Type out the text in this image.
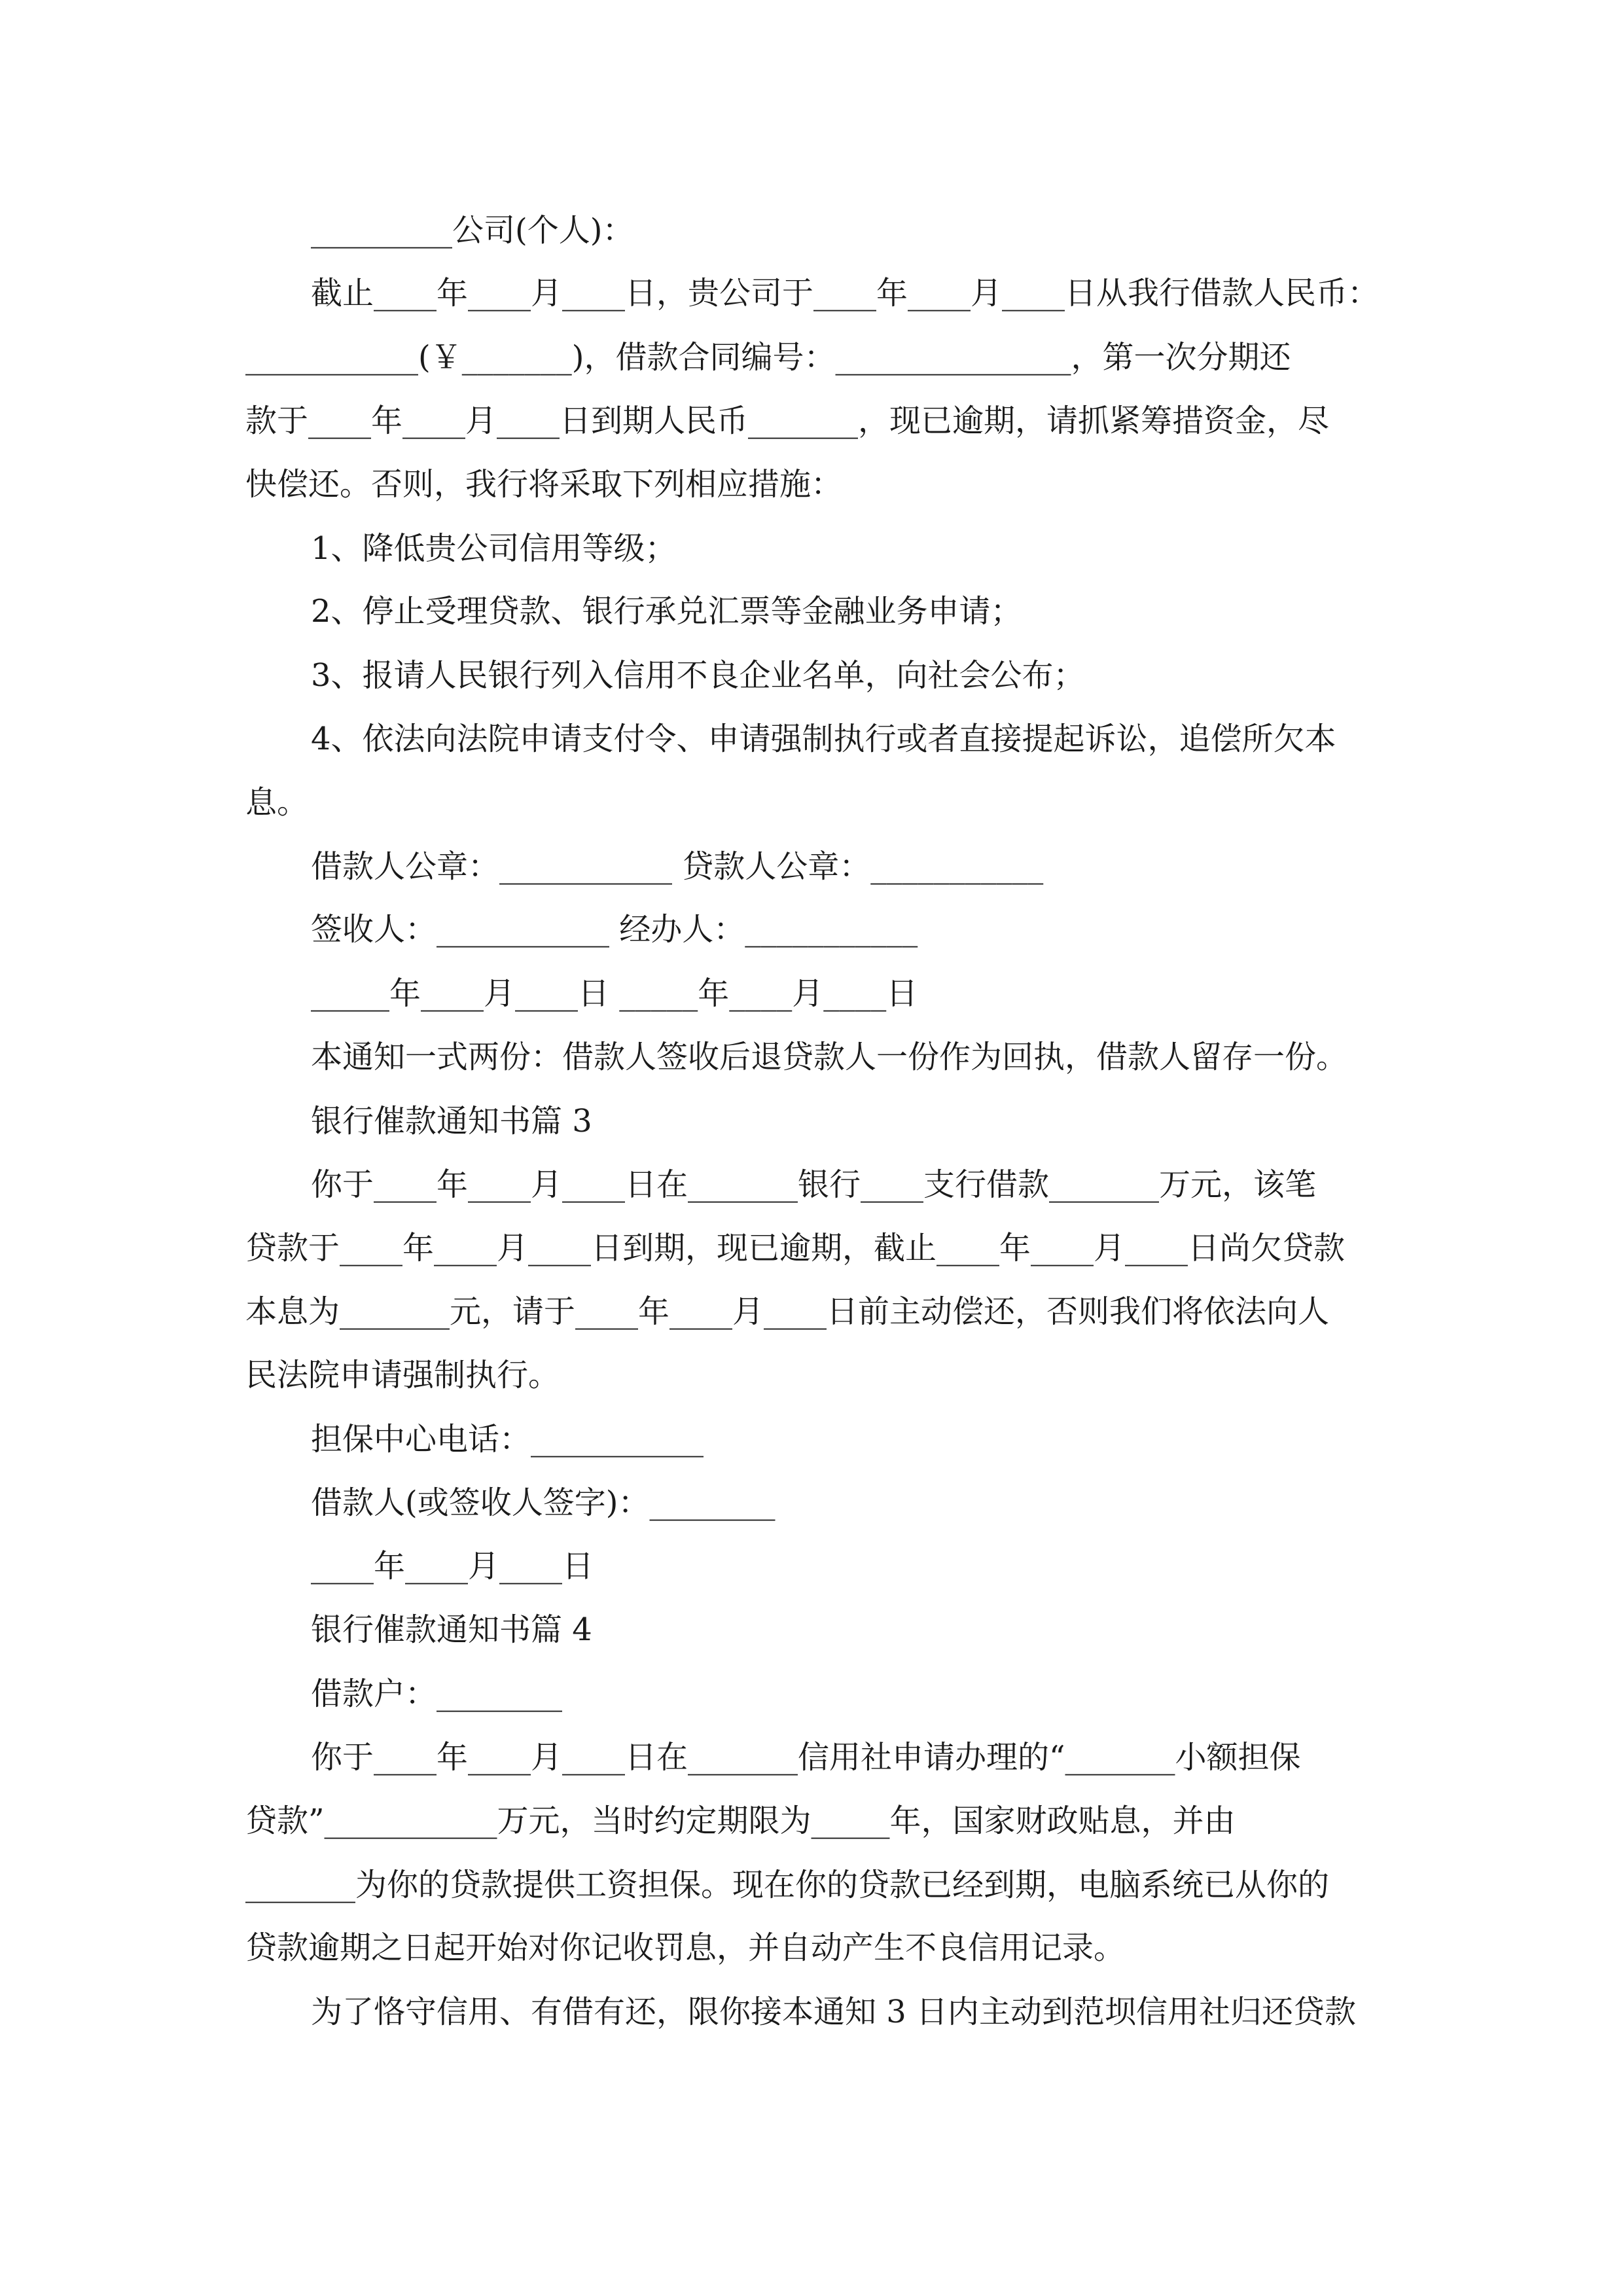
_________公司(个人)：
截止____年____月____日，贵公司于____年____月____日从我行借款人民币：
___________(￥_______)，借款合同编号：_______________，第一次分期还
款于____年____月____日到期人民币_______，现已逾期，请抓紧筹措资金，尽
快偿还。否则，我行将采取下列相应措施：
1、降低贵公司信用等级；
2、停止受理贷款、银行承兑汇票等金融业务申请；
3、报请人民银行列入信用不良企业名单，向社会公布；
4、依法向法院申请支付令、申请强制执行或者直接提起诉讼，追偿所欠本
息。
借款人公章：___________ 贷款人公章：___________
签收人：___________ 经办人：___________
_____年____月____日 _____年____月____日
本通知一式两份：借款人签收后退贷款人一份作为回执，借款人留存一份。
银行催款通知书篇 3
你于____年____月____日在_______银行____支行借款_______万元，该笔
贷款于____年____月____日到期，现已逾期，截止____年____月____日尚欠贷款
本息为_______元，请于____年____月____日前主动偿还，否则我们将依法向人
民法院申请强制执行。
担保中心电话：___________
借款人(或签收人签字)：________
____年____月____日
银行催款通知书篇 4
借款户：________
你于____年____月____日在_______信用社申请办理的“_______小额担保
贷款”___________万元，当时约定期限为_____年，国家财政贴息，并由
_______为你的贷款提供工资担保。现在你的贷款已经到期，电脑系统已从你的
贷款逾期之日起开始对你记收罚息，并自动产生不良信用记录。
为了恪守信用、有借有还，限你接本通知 3 日内主动到范坝信用社归还贷款
